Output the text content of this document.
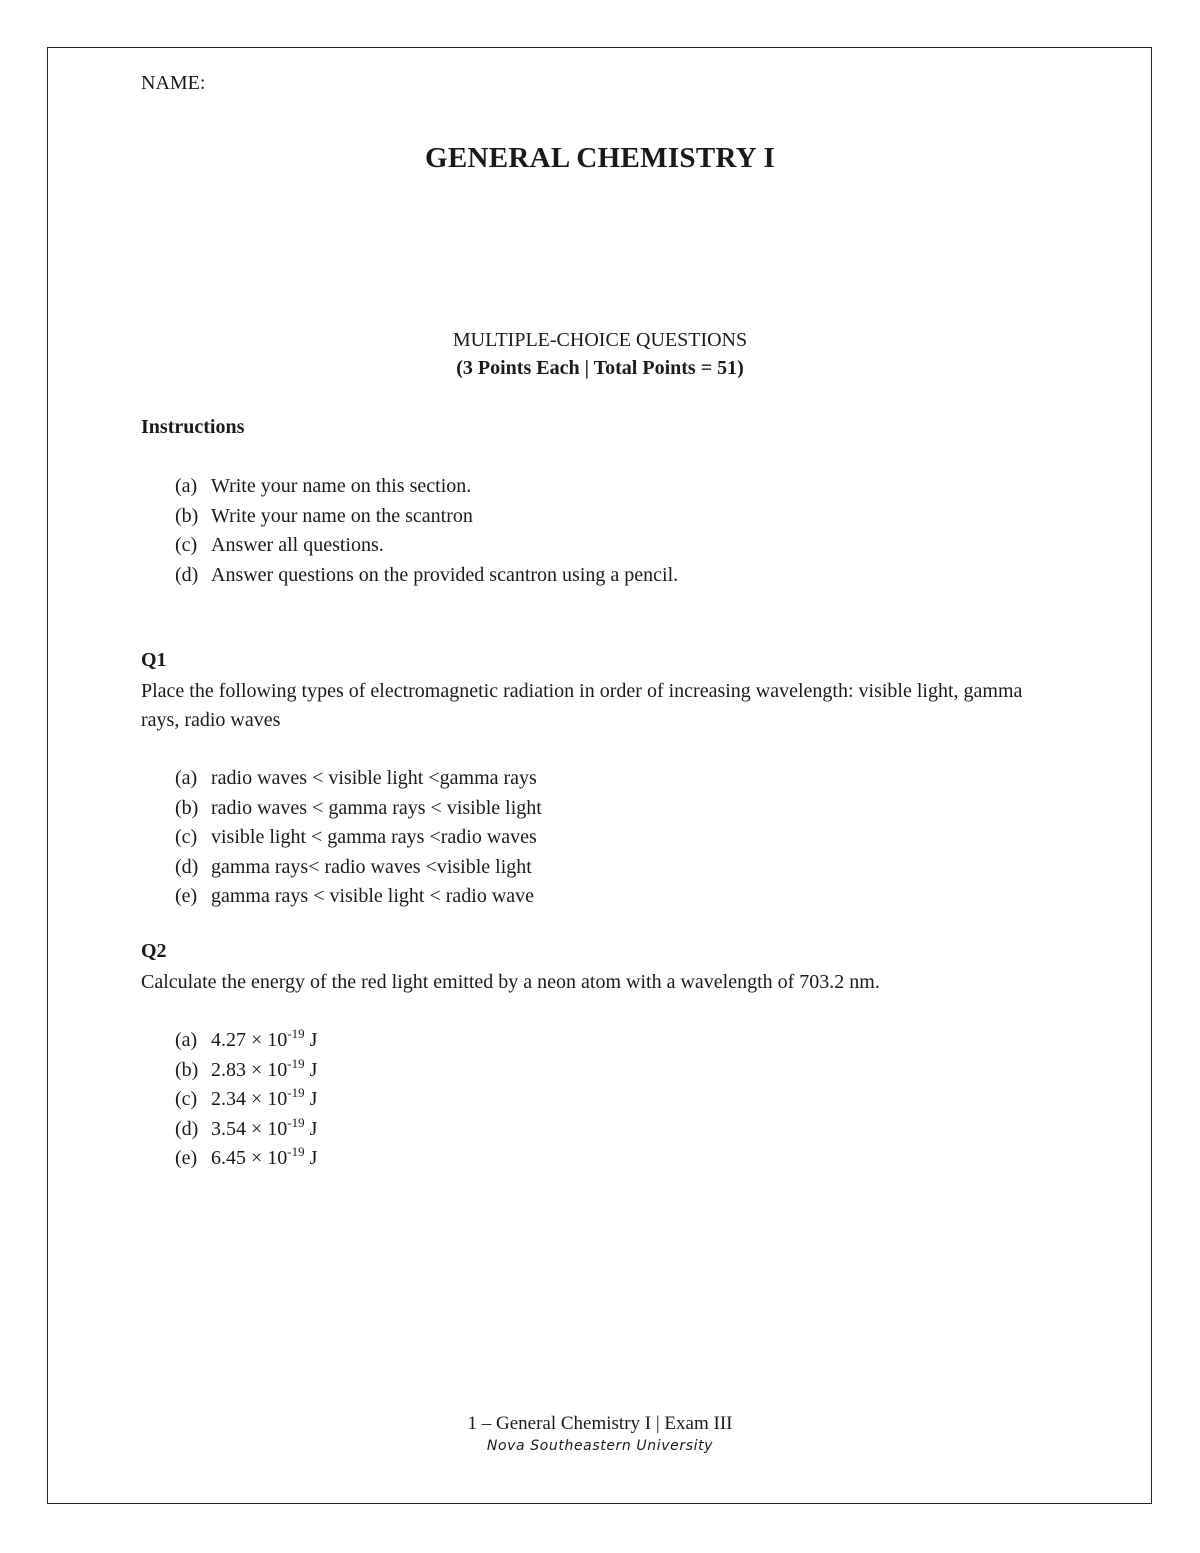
NAME:
GENERAL CHEMISTRY I
MULTIPLE-CHOICE QUESTIONS
(3 Points Each | Total Points = 51)
Instructions
(a) Write your name on this section.
(b) Write your name on the scantron
(c) Answer all questions.
(d) Answer questions on the provided scantron using a pencil.
Q1
Place the following types of electromagnetic radiation in order of increasing wavelength: visible light, gamma rays, radio waves
(a) radio waves < visible light <gamma rays
(b) radio waves < gamma rays < visible light
(c) visible light < gamma rays <radio waves
(d) gamma rays< radio waves <visible light
(e) gamma rays < visible light < radio wave
Q2
Calculate the energy of the red light emitted by a neon atom with a wavelength of 703.2 nm.
(a) $4.27 \times 10^{-19}$ J
(b) $2.83 \times 10^{-19}$ J
(c) $2.34 \times 10^{-19}$ J
(d) $3.54 \times 10^{-19}$ J
(e) $6.45 \times 10^{-19}$ J
1 – General Chemistry I | Exam III
Nova Southeastern University
